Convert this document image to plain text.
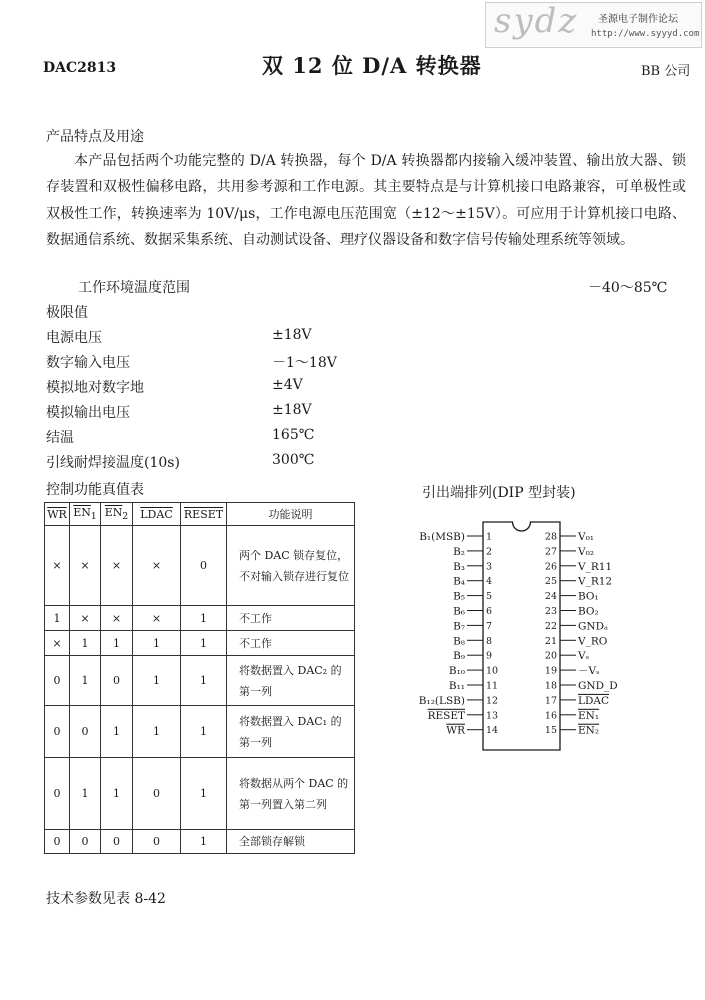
sydz 圣源电子制作论坛
http://www.syyyd.com
DAC2813	双 12 位 D/A 转换器	BB 公司
产品特点及用途

本产品包括两个功能完整的 D/A 转换器，每个 D/A 转换器都内接输入缓冲装置、输出放大器、锁存装置和双极性偏移电路，共用参考源和工作电源。其主要特点是与计算机接口电路兼容，可单极性或双极性工作，转换速率为 10V/μs，工作电源电压范围宽（±12～±15V）。可应用于计算机接口电路、数据通信系统、数据采集系统、自动测试设备、理疗仪器设备和数字信号传输处理系统等领域。

工作环境温度范围	－40～85℃
极限值
电源电压	±18V
数字输入电压	－1～18V
模拟地对数字地	±4V
模拟输出电压	±18V
结温	165℃
引线耐焊接温度(10s)	300℃
控制功能真值表
$\overline{WR}$	$\overline{EN}_1$	$\overline{EN}_2$	LDAC	RESET	功能说明
×	×	×	×	0	两个 DAC 锁存复位，不对输入锁存进行复位
1	×	×	×	1	不工作
×	1	1	1	1	不工作
0	1	0	1	1	将数据置入 DAC₂ 的第一列
0	0	1	1	1	将数据置入 DAC₁ 的第一列
0	1	1	0	1	将数据从两个 DAC 的第一列置入第二列
0	0	0	0	1	全部锁存解锁
引出端排列(DIP 型封装)
1
B₁(MSB)
2
B₂
3
B₃
4
B₄
5
B₅
6
B₆
7
B₇
8
B₈
9
B₉
10
B₁₀
11
B₁₁
12
B₁₂(LSB)
13
RESET
14
WR
28 V₀₁
27 V₀₂
26 V_R11
25 V_R12
24 BO₁
23 BO₂
22 GNDₐ
21 V_RO
20 Vₛ
19 －Vₛ
18 GND_D
17 LDAC
16 EN₁
15 EN₂
技术参数见表 8-42
